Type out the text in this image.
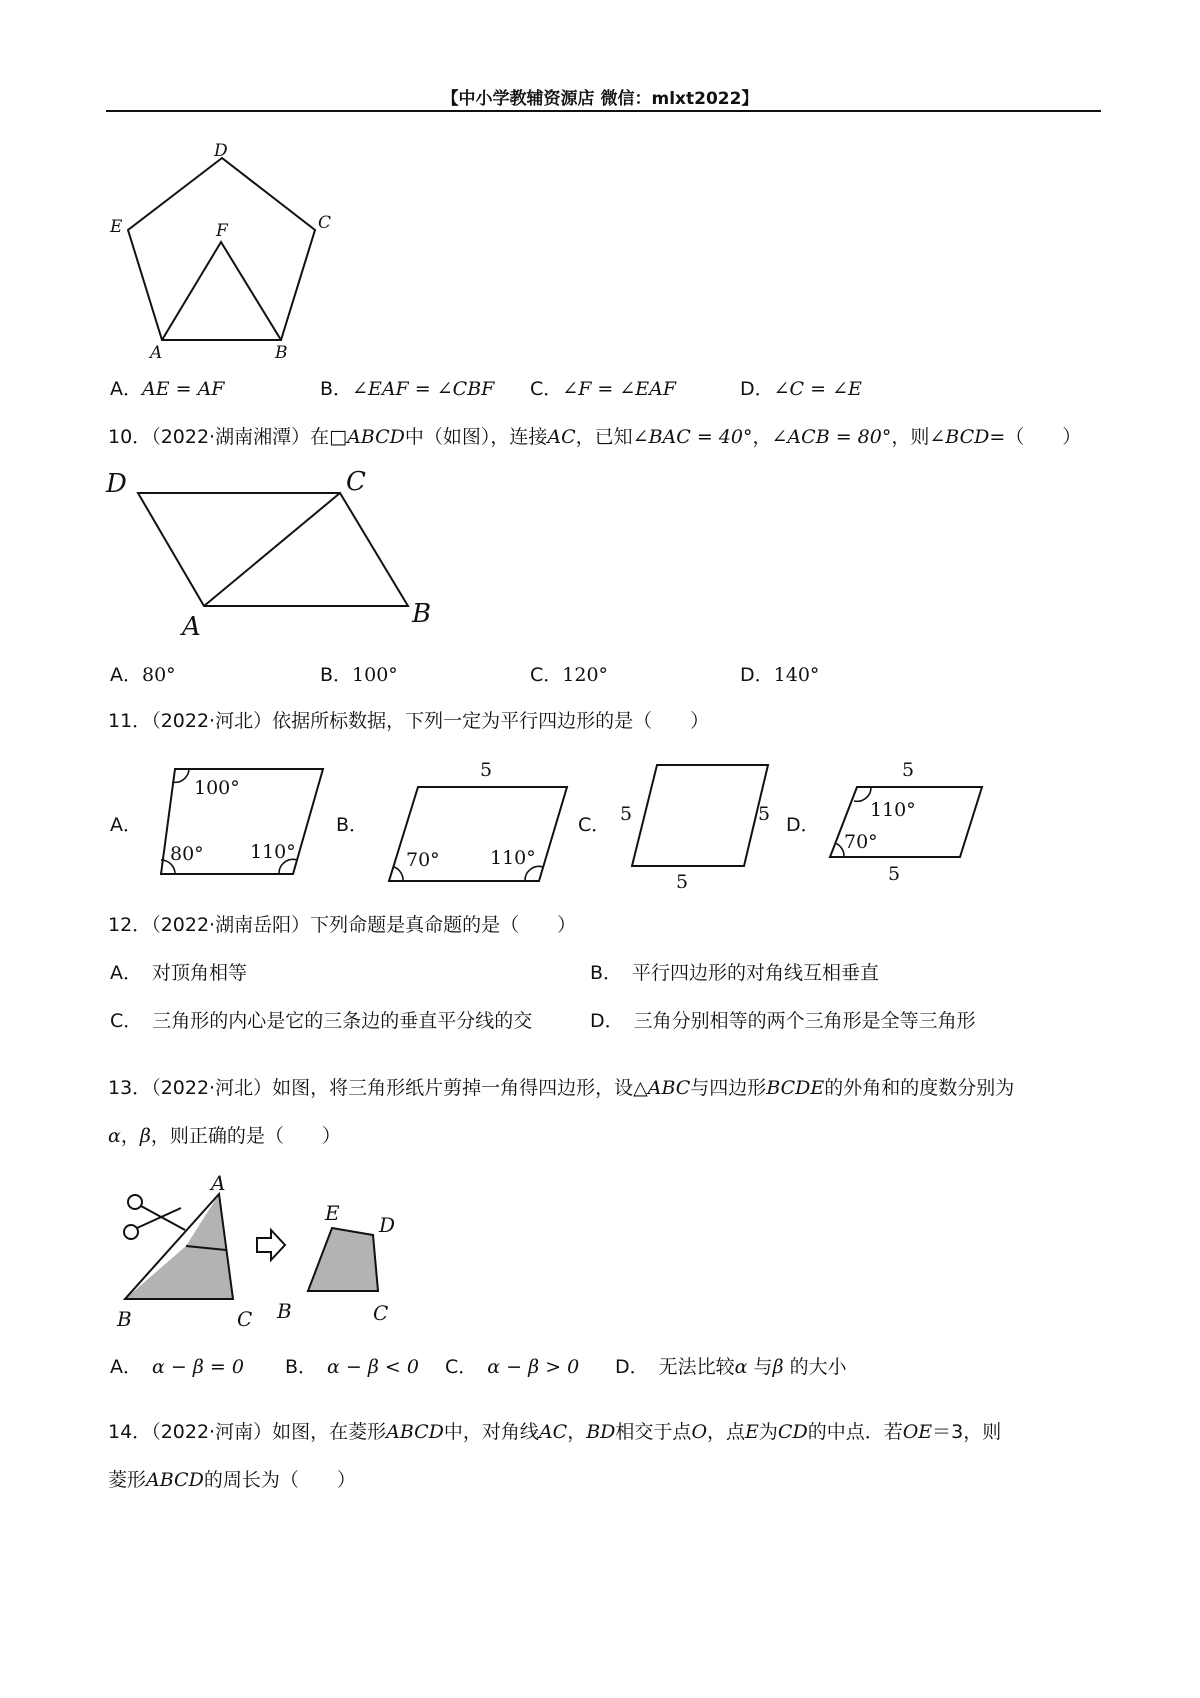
【中小学教辅资源店 微信：mlxt2022】
D
E	F	C
A	B
A．AE = AF	B．∠EAF = ∠CBF C．∠F = ∠EAF	D．∠C = ∠E
10．（2022·湖南湘潭）在□ABCD中（如图），连接AC，已知∠BAC = 40°，∠ACB = 80°，则∠BCD=（　　）
D	C
A	B
A．80°	B．100°	C．120°	D．140°
11．（2022·河北）依据所标数据，下列一定为平行四边形的是（　　）
A．
100°
80° 110°
B．
5
70°	110°
C． 5	5
5
D．
5
110°
70°
5
12．（2022·湖南岳阳）下列命题是真命题的是（　　）
A． 对顶角相等	B． 平行四边形的对角线互相垂直
C． 三角形的内心是它的三条边的垂直平分线的交	D． 三角分别相等的两个三角形是全等三角形
13．（2022·河北）如图，将三角形纸片剪掉一角得四边形，设△ABC与四边形BCDE的外角和的度数分别为
α，β，则正确的是（　　）
A
B	C
E D
B	C
A． α − β = 0 B． α − β < 0 C． α − β > 0 D． 无法比较α 与β 的大小
14．（2022·河南）如图，在菱形ABCD中，对角线AC，BD相交于点O，点E为CD的中点．若OE＝3，则
菱形ABCD的周长为（　　）
